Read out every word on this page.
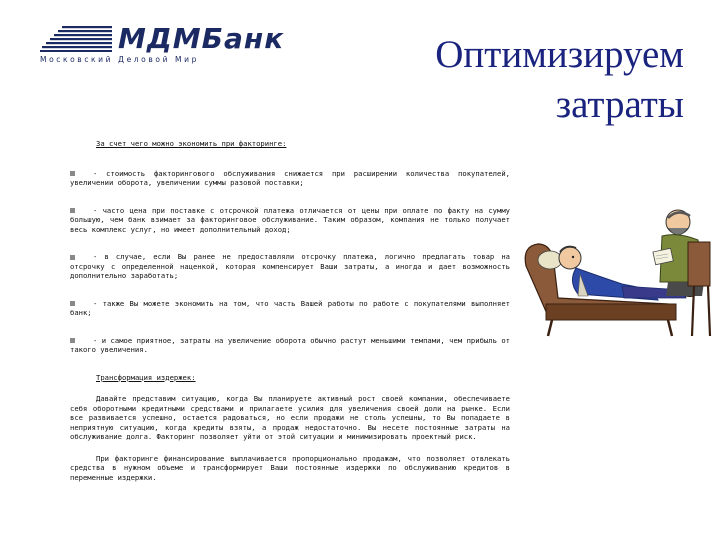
МДМБанк
Московский Деловой Мир	Оптимизируем
затраты
За счет чего можно экономить при факторинге:
- стоимость факторингового обслуживания снижается при расширении количества покупателей, увеличении оборота, увеличении суммы разовой поставки;
- часто цена при поставке с отсрочкой платежа отличается от цены при оплате по факту на сумму большую, чем банк взимает за факторинговое обслуживание. Таким образом, компания не только получает весь комплекс услуг, но имеет дополнительный доход;
- в случае, если Вы ранее не предоставляли отсрочку платежа, логично предлагать товар на отсрочку с определенной наценкой, которая компенсирует Ваши затраты, а иногда и дает возможность дополнительно заработать;
- также Вы можете экономить на том, что часть Вашей работы по работе с покупателями выполняет банк;
- и самое приятное, затраты на увеличение оборота обычно растут меньшими темпами, чем прибыль от такого увеличения.
Трансформация издержек:
Давайте представим ситуацию, когда Вы планируете активный рост своей компании, обеспечиваете себя оборотными кредитными средствами и прилагаете усилия для увеличения своей доли на рынке. Если все развивается успешно, остается радоваться, но если продажи не столь успешны, то Вы попадаете в неприятную ситуацию, когда кредиты взяты, а продаж недостаточно. Вы несете постоянные затраты на обслуживание долга. Факторинг позволяет уйти от этой ситуации и минимизировать проектный риск.
При факторинге финансирование выплачивается пропорционально продажам, что позволяет отвлекать средства в нужном объеме и трансформирует Ваши постоянные издержки по обслуживанию кредитов в переменные издержки.
